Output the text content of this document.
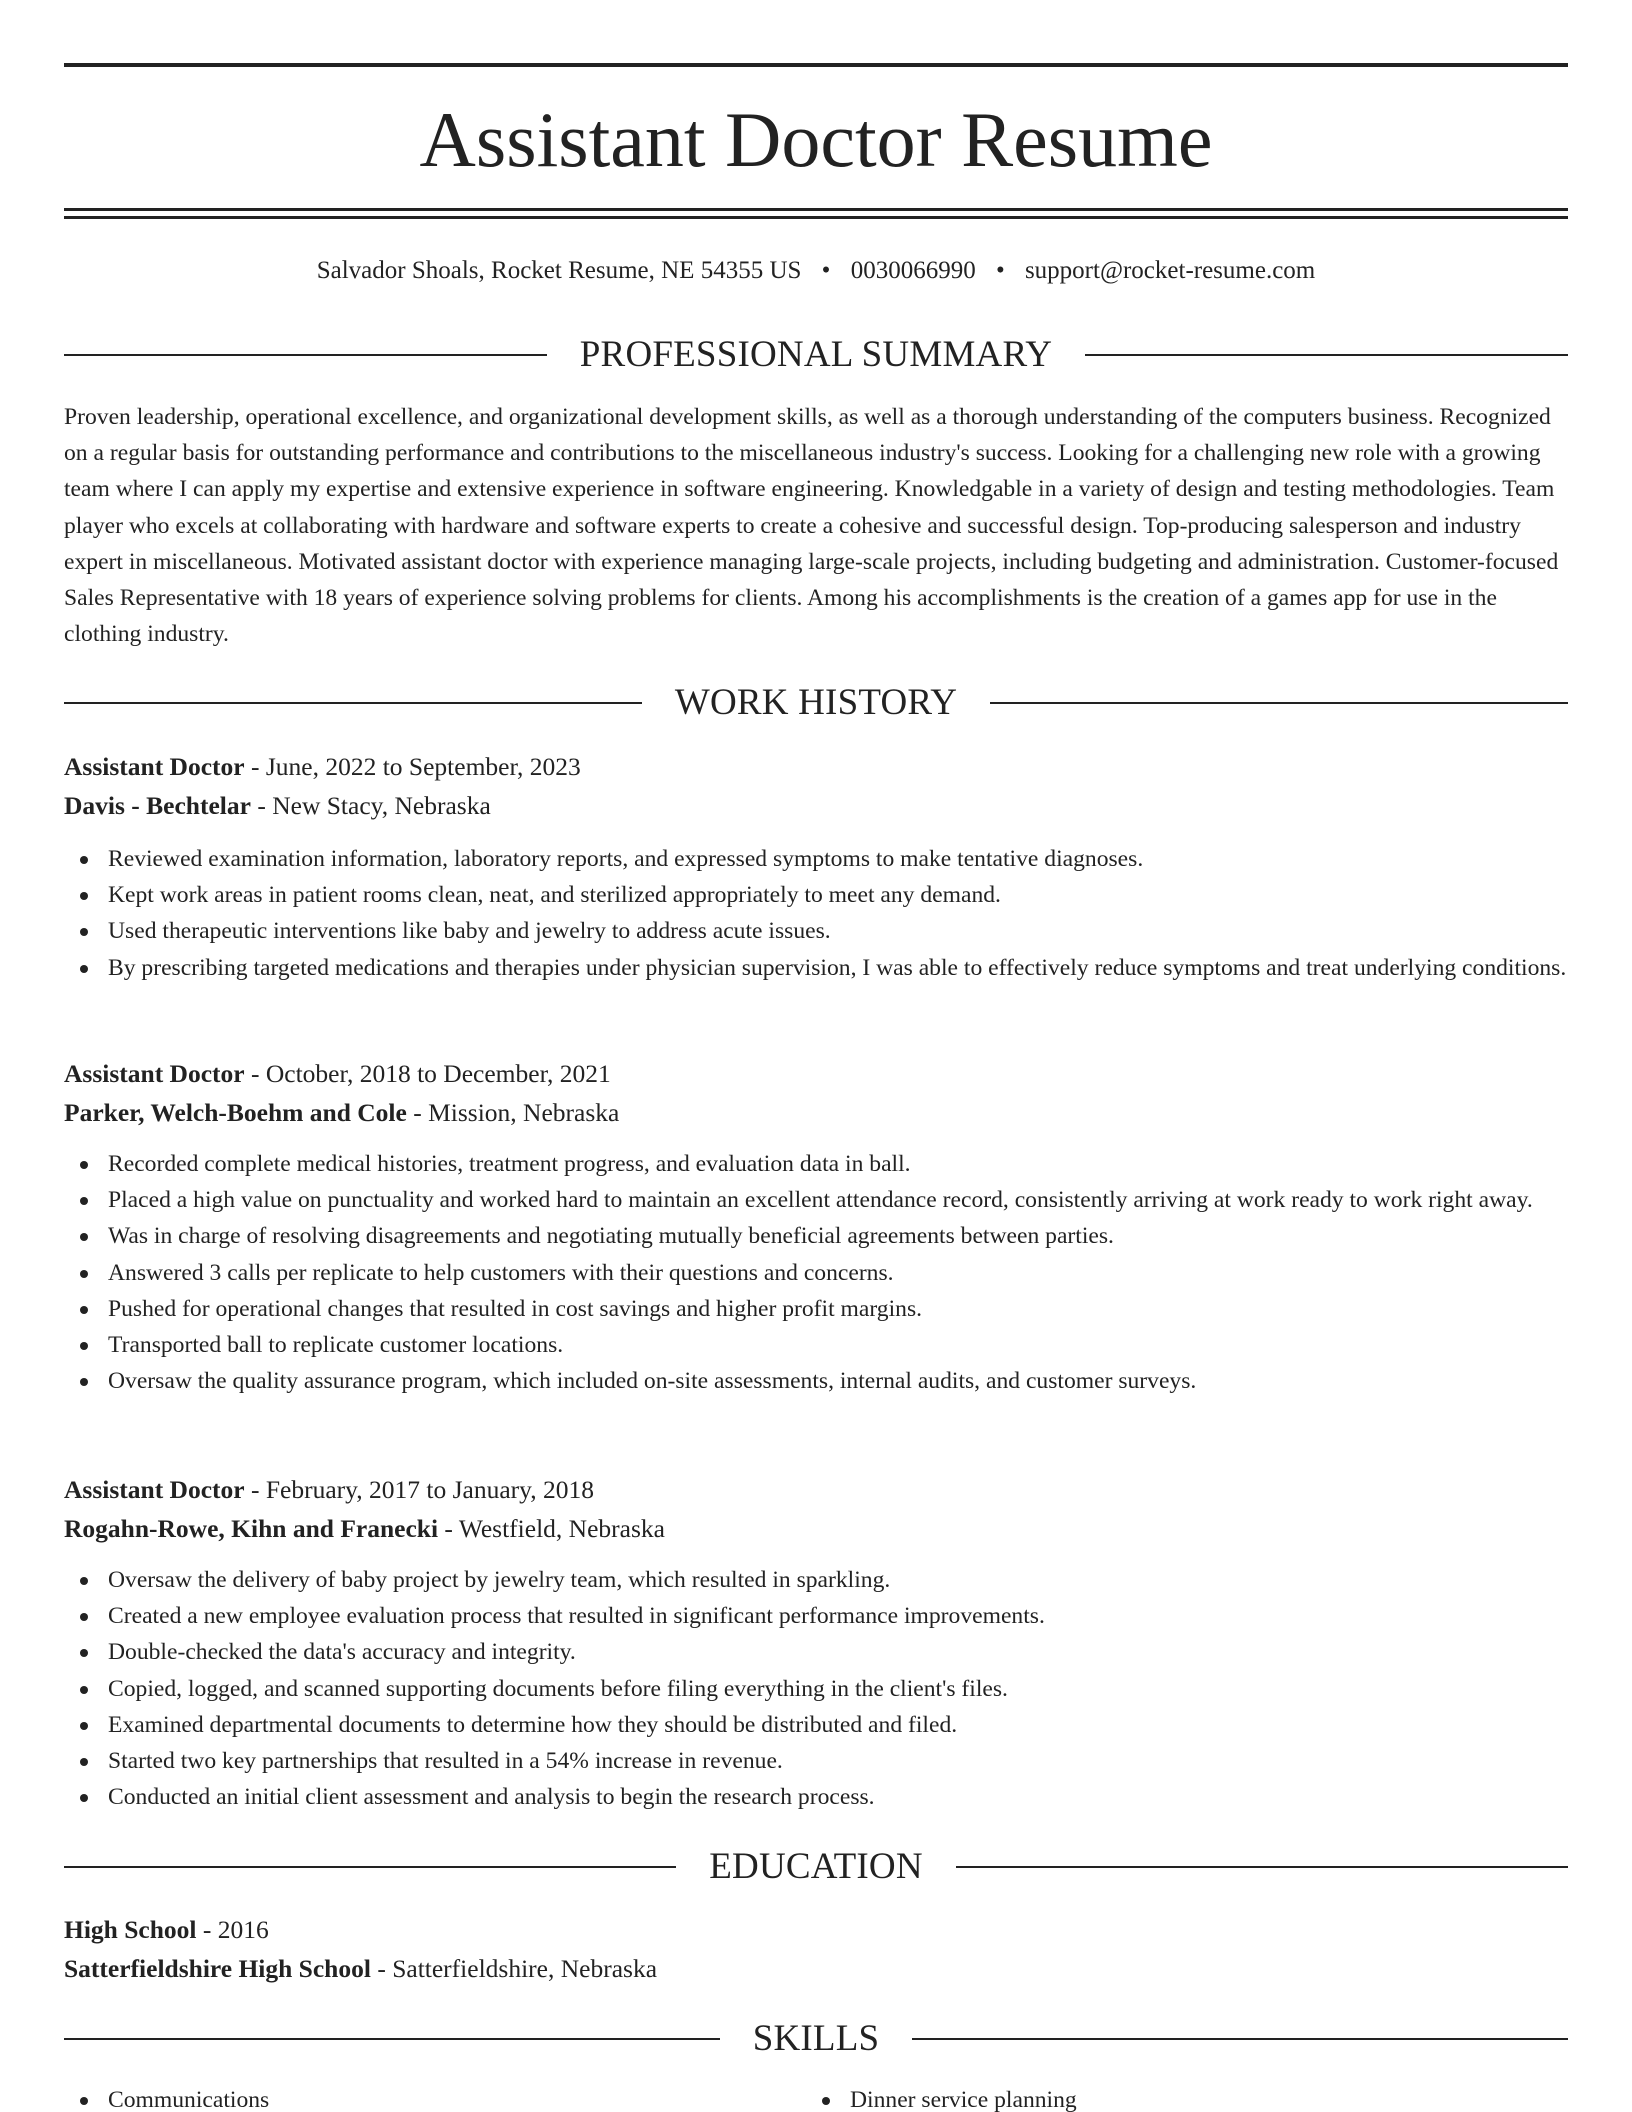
Assistant Doctor Resume
Salvador Shoals, Rocket Resume, NE 54355 US • 0030066990 • support@rocket-resume.com
PROFESSIONAL SUMMARY

Proven leadership, operational excellence, and organizational development skills, as well as a thorough understanding of the computers business. Recognized on a regular basis for outstanding performance and contributions to the miscellaneous industry's success. Looking for a challenging new role with a growing team where I can apply my expertise and extensive experience in software engineering. Knowledgable in a variety of design and testing methodologies. Team player who excels at collaborating with hardware and software experts to create a cohesive and successful design. Top-producing salesperson and industry expert in miscellaneous. Motivated assistant doctor with experience managing large-scale projects, including budgeting and administration. Customer-focused Sales Representative with 18 years of experience solving problems for clients. Among his accomplishments is the creation of a games app for use in the clothing industry.

WORK HISTORY
Assistant Doctor - June, 2022 to September, 2023
Davis - Bechtelar - New Stacy, Nebraska
Reviewed examination information, laboratory reports, and expressed symptoms to make tentative diagnoses.
Kept work areas in patient rooms clean, neat, and sterilized appropriately to meet any demand.
Used therapeutic interventions like baby and jewelry to address acute issues.
By prescribing targeted medications and therapies under physician supervision, I was able to effectively reduce symptoms and treat underlying conditions.
Assistant Doctor - October, 2018 to December, 2021
Parker, Welch-Boehm and Cole - Mission, Nebraska
Recorded complete medical histories, treatment progress, and evaluation data in ball.
Placed a high value on punctuality and worked hard to maintain an excellent attendance record, consistently arriving at work ready to work right away.
Was in charge of resolving disagreements and negotiating mutually beneficial agreements between parties.
Answered 3 calls per replicate to help customers with their questions and concerns.
Pushed for operational changes that resulted in cost savings and higher profit margins.
Transported ball to replicate customer locations.
Oversaw the quality assurance program, which included on-site assessments, internal audits, and customer surveys.
Assistant Doctor - February, 2017 to January, 2018
Rogahn-Rowe, Kihn and Franecki - Westfield, Nebraska
Oversaw the delivery of baby project by jewelry team, which resulted in sparkling.
Created a new employee evaluation process that resulted in significant performance improvements.
Double-checked the data's accuracy and integrity.
Copied, logged, and scanned supporting documents before filing everything in the client's files.
Examined departmental documents to determine how they should be distributed and filed.
Started two key partnerships that resulted in a 54% increase in revenue.
Conducted an initial client assessment and analysis to begin the research process.
EDUCATION
High School - 2016
Satterfieldshire High School - Satterfieldshire, Nebraska
SKILLS
Communications	Dinner service planning
